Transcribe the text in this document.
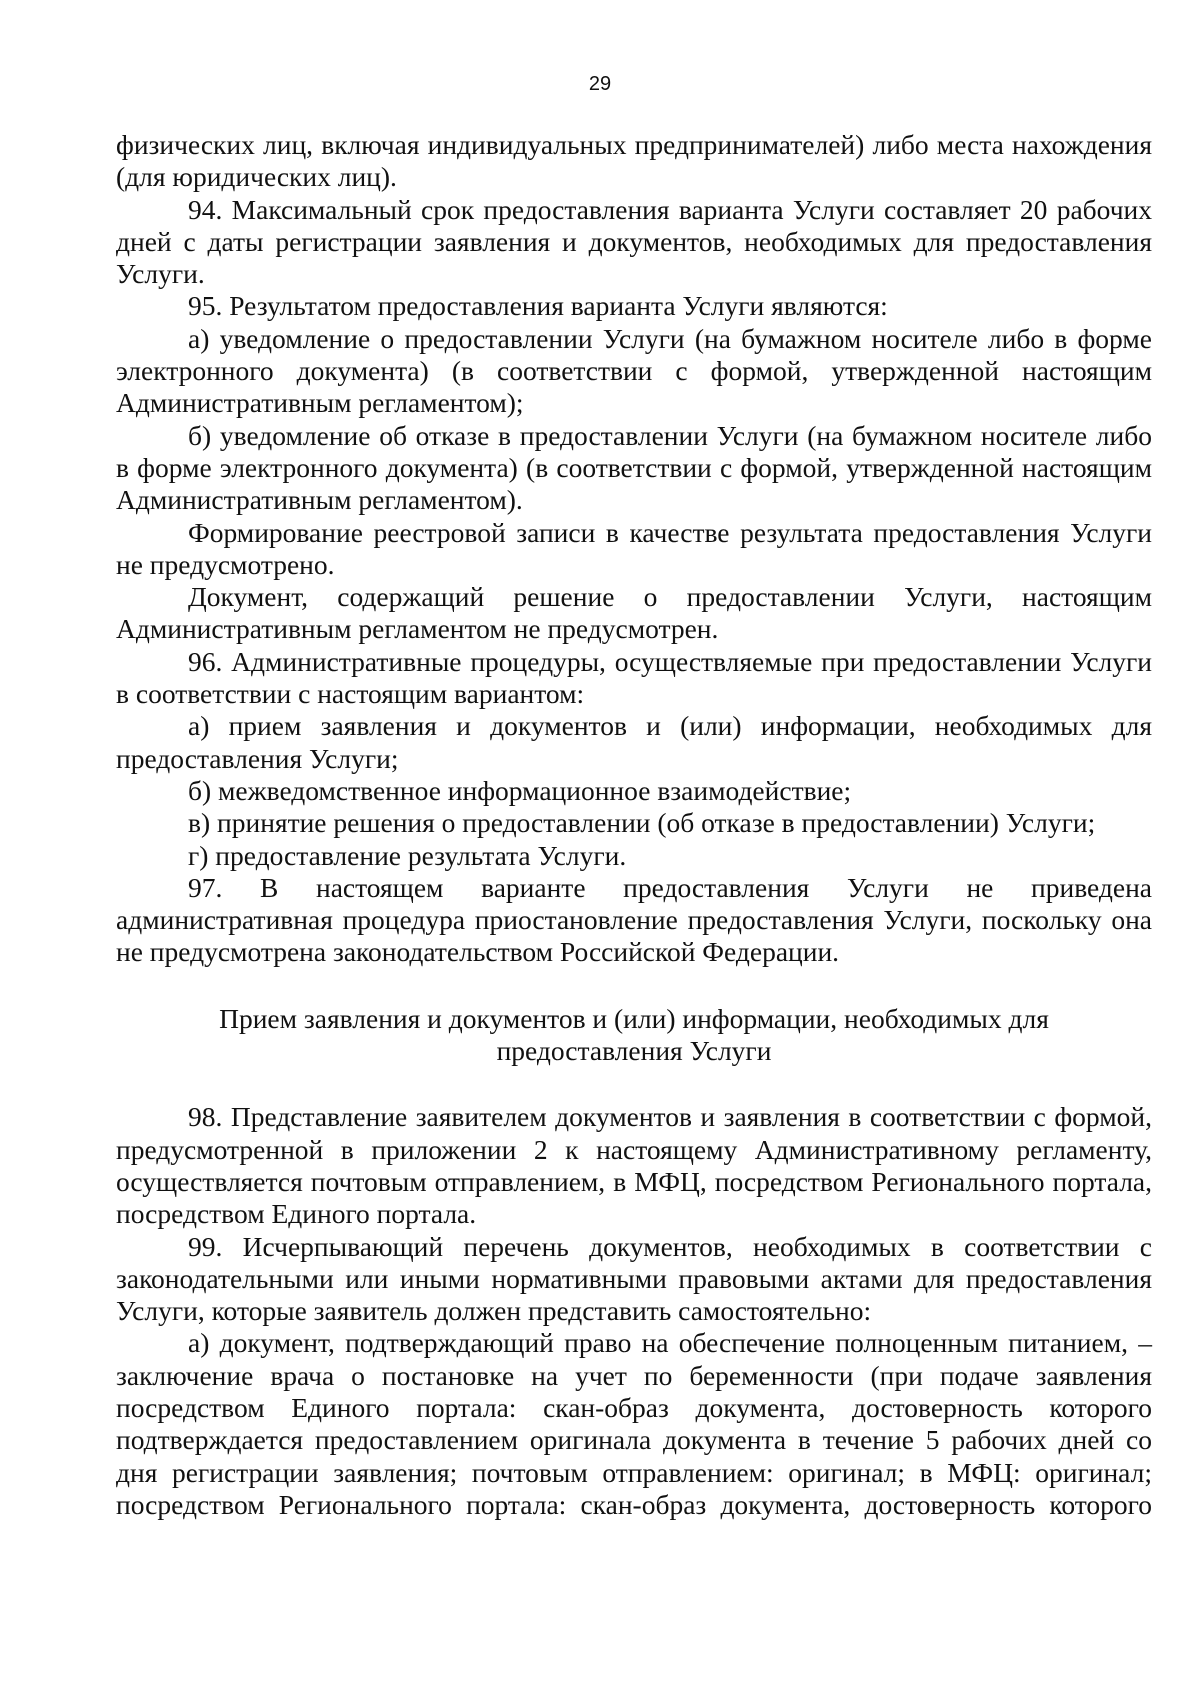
29

физических лиц, включая индивидуальных предпринимателей) либо места нахождения (для юридических лиц).

94. Максимальный срок предоставления варианта Услуги составляет 20 рабочих дней с даты регистрации заявления и документов, необходимых для предоставления Услуги.

95. Результатом предоставления варианта Услуги являются:

а) уведомление о предоставлении Услуги (на бумажном носителе либо в форме электронного документа) (в соответствии с формой, утвержденной настоящим Административным регламентом);

б) уведомление об отказе в предоставлении Услуги (на бумажном носителе либо в форме электронного документа) (в соответствии с формой, утвержденной настоящим Административным регламентом).

Формирование реестровой записи в качестве результата предоставления Услуги не предусмотрено.

Документ, содержащий решение о предоставлении Услуги, настоящим Административным регламентом не предусмотрен.

96. Административные процедуры, осуществляемые при предоставлении Услуги в соответствии с настоящим вариантом:

а) прием заявления и документов и (или) информации, необходимых для предоставления Услуги;

б) межведомственное информационное взаимодействие;

в) принятие решения о предоставлении (об отказе в предоставлении) Услуги;

г) предоставление результата Услуги.

97. В настоящем варианте предоставления Услуги не приведена административная процедура приостановление предоставления Услуги, поскольку она не предусмотрена законодательством Российской Федерации.

Прием заявления и документов и (или) информации, необходимых для предоставления Услуги

98. Представление заявителем документов и заявления в соответствии с формой, предусмотренной в приложении 2 к настоящему Административному регламенту, осуществляется почтовым отправлением, в МФЦ, посредством Регионального портала, посредством Единого портала.

99. Исчерпывающий перечень документов, необходимых в соответствии с законодательными или иными нормативными правовыми актами для предоставления Услуги, которые заявитель должен представить самостоятельно:

а) документ, подтверждающий право на обеспечение полноценным питанием, – заключение врача о постановке на учет по беременности (при подаче заявления посредством Единого портала: скан-образ документа, достоверность которого подтверждается предоставлением оригинала документа в течение 5 рабочих дней со дня регистрации заявления; почтовым отправлением: оригинал; в МФЦ: оригинал; посредством Регионального портала: скан-образ документа, достоверность которого
